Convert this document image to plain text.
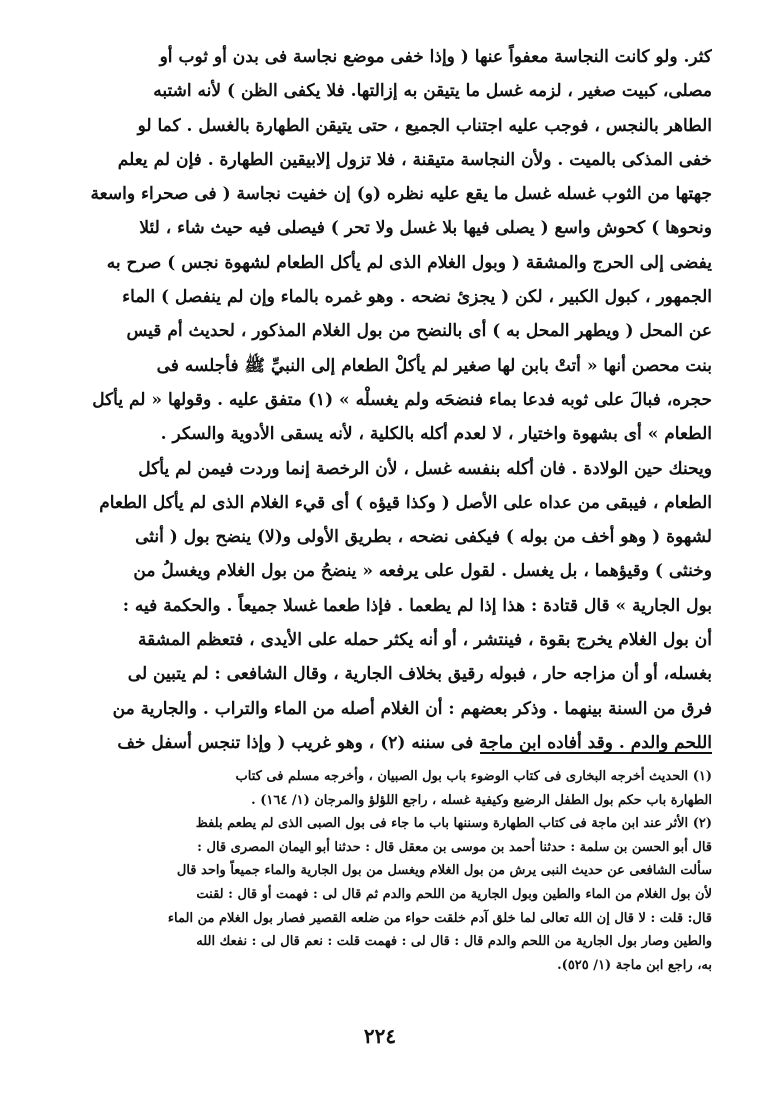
كثر. ولو كانت النجاسة معفواً عنها ( وإذا خفى موضع نجاسة فى بدن أو ثوب أو
مصلى، كبيت صغير ، لزمه غسل ما يتيقن به إزالتها. فلا يكفى الظن ) لأنه اشتبه
الطاهر بالنجس ، فوجب عليه اجتناب الجميع ، حتى يتيقن الطهارة بالغسل . كما لو
خفى المذكى بالميت . ولأن النجاسة متيقنة ، فلا تزول إلابيقين الطهارة . فإن لم يعلم
جهتها من الثوب غسله غسل ما يقع عليه نظره (و) إن خفيت نجاسة ( فى صحراء واسعة
ونحوها ) كحوش واسع ( يصلى فيها بلا غسل ولا تحر ) فيصلى فيه حيث شاء ، لئلا
يفضى إلى الحرج والمشقة ( وبول الغلام الذى لم يأكل الطعام لشهوة نجس ) صرح به
الجمهور ، كبول الكبير ، لكن ( يجزئ نضحه . وهو غمره بالماء وإن لم ينفصل ) الماء
عن المحل ( ويطهر المحل به ) أى بالنضح من بول الغلام المذكور ، لحديث أم قيس
بنت محصن أنها « أتتْ بابن لها صغير لم يأكلْ الطعام إلى النبيِّ ﷺ فأجلسه فى
حجره، فبالَ على ثوبه فدعا بماء فنضحَه ولم يغسلْه » (١) متفق عليه . وقولها « لم يأكل
الطعام » أى بشهوة واختيار ، لا لعدم أكله بالكلية ، لأنه يسقى الأدوية والسكر .
ويحنك حين الولادة . فان أكله بنفسه غسل ، لأن الرخصة إنما وردت فيمن لم يأكل
الطعام ، فيبقى من عداه على الأصل ( وكذا قيؤه ) أى قيء الغلام الذى لم يأكل الطعام
لشهوة ( وهو أخف من بوله ) فيكفى نضحه ، بطريق الأولى و(لا) ينضح بول ( أنثى
وخنثى ) وقيؤهما ، بل يغسل . لقول على يرفعه « ينضحُ من بول الغلام ويغسلُ من
بول الجارية » قال قتادة : هذا إذا لم يطعما . فإذا طعما غسلا جميعاً . والحكمة فيه :
أن بول الغلام يخرج بقوة ، فينتشر ، أو أنه يكثر حمله على الأيدى ، فتعظم المشقة
بغسله، أو أن مزاجه حار ، فبوله رقيق بخلاف الجارية ، وقال الشافعى : لم يتبين لى
فرق من السنة بينهما . وذكر بعضهم : أن الغلام أصله من الماء والتراب . والجارية من
اللحم والدم . وقد أفاده ابن ماجة فى سننه (٢) ، وهو غريب ( وإذا تنجس أسفل خف
(١) الحديث أخرجه البخارى فى كتاب الوضوء باب بول الصبيان ، وأخرجه مسلم فى كتاب
الطهارة باب حكم بول الطفل الرضيع وكيفية غسله ، راجع اللؤلؤ والمرجان (١/ ١٦٤) .
(٢) الأثر عند ابن ماجة فى كتاب الطهارة وسننها باب ما جاء فى بول الصبى الذى لم يطعم بلفظ
قال أبو الحسن بن سلمة : حدثنا أحمد بن موسى بن معقل قال : حدثنا أبو اليمان المصرى قال :
سألت الشافعى عن حديث النبى يرش من بول الغلام ويغسل من بول الجارية والماء جميعاً واحد قال
لأن بول الغلام من الماء والطين وبول الجارية من اللحم والدم ثم قال لى : فهمت أو قال : لقنت
قال: قلت : لا قال إن الله تعالى لما خلق آدم خلقت حواء من ضلعه القصير فصار بول الغلام من الماء
والطين وصار بول الجارية من اللحم والدم قال : قال لى : فهمت قلت : نعم قال لى : نفعك الله
به، راجع ابن ماجة (١/ ٥٢٥).
٢٢٤
